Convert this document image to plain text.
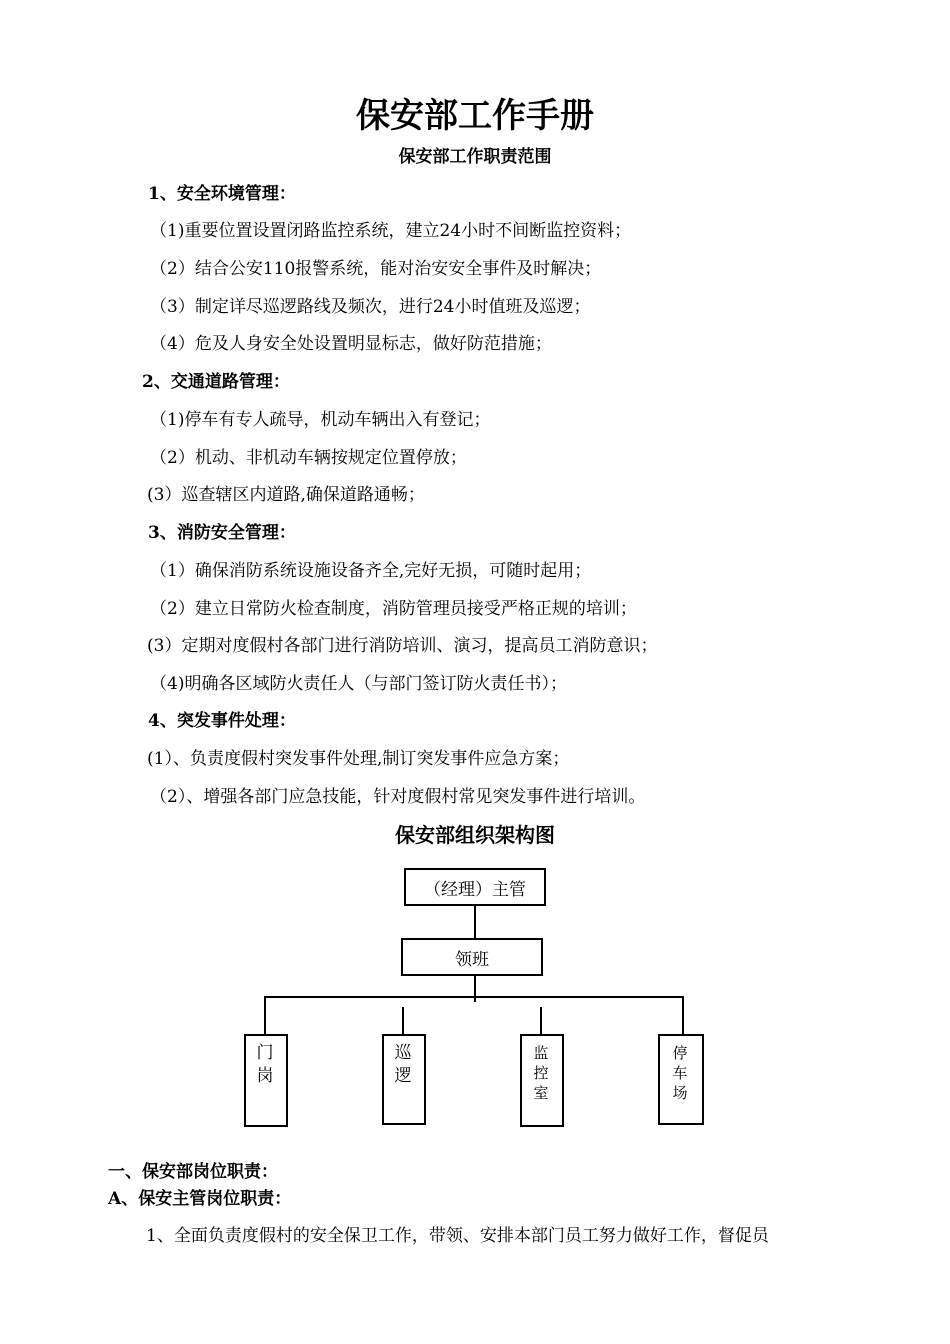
保安部工作手册
保安部工作职责范围
1、安全环境管理：
（1)重要位置设置闭路监控系统，建立24小时不间断监控资料；
（2）结合公安110报警系统，能对治安安全事件及时解决；
（3）制定详尽巡逻路线及频次，进行24小时值班及巡逻；
（4）危及人身安全处设置明显标志，做好防范措施；
2、交通道路管理：
（1)停车有专人疏导，机动车辆出入有登记；
（2）机动、非机动车辆按规定位置停放；
(3）巡查辖区内道路,确保道路通畅；
3、消防安全管理：
（1）确保消防系统设施设备齐全,完好无损，可随时起用；
（2）建立日常防火检查制度，消防管理员接受严格正规的培训；
(3）定期对度假村各部门进行消防培训、演习，提高员工消防意识；
（4)明确各区域防火责任人（与部门签订防火责任书）；
4、突发事件处理：
(1）、负责度假村突发事件处理,制订突发事件应急方案；
（2）、增强各部门应急技能，针对度假村常见突发事件进行培训。
保安部组织架构图
（经理）主管
领班
门岗
巡逻
监控室
停车场
一、保安部岗位职责：
A、保安主管岗位职责：
1、全面负责度假村的安全保卫工作，带领、安排本部门员工努力做好工作，督促员
